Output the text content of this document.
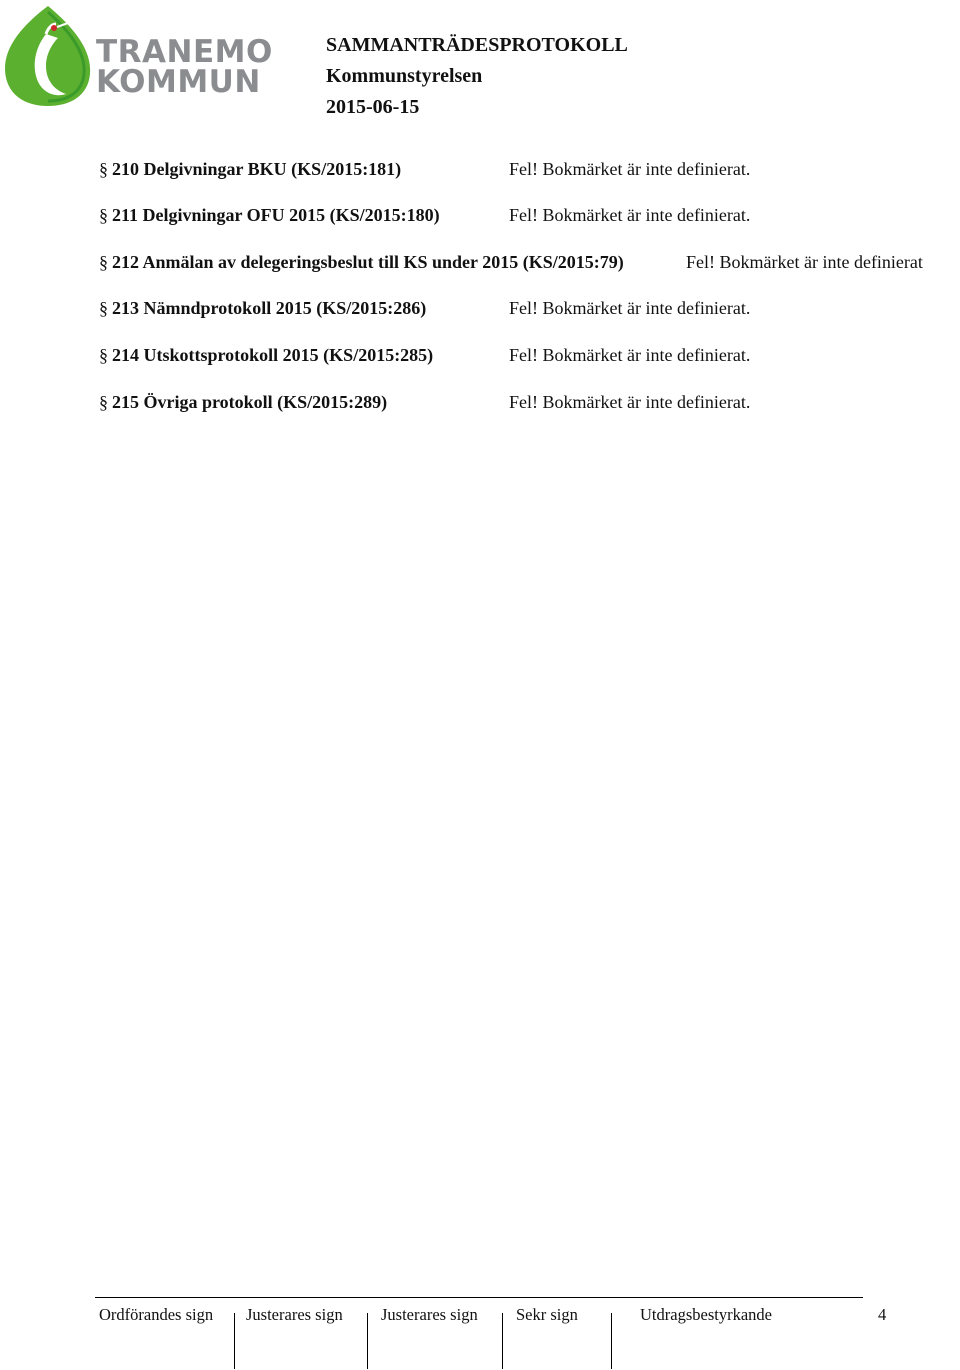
TRANEMO
KOMMUN
SAMMANTRÄDESPROTOKOLL
Kommunstyrelsen
2015-06-15
§ 210 Delgivningar BKU (KS/2015:181)	Fel! Bokmärket är inte definierat.
§ 211 Delgivningar OFU 2015 (KS/2015:180)	Fel! Bokmärket är inte definierat.
§ 212 Anmälan av delegeringsbeslut till KS under 2015 (KS/2015:79)	Fel! Bokmärket är inte definierat
§ 213 Nämndprotokoll 2015 (KS/2015:286)	Fel! Bokmärket är inte definierat.
§ 214 Utskottsprotokoll 2015 (KS/2015:285)	Fel! Bokmärket är inte definierat.
§ 215 Övriga protokoll (KS/2015:289)	Fel! Bokmärket är inte definierat.
Ordförandes sign Justerares sign Justerares sign Sekr sign	Utdragsbestyrkande	4
